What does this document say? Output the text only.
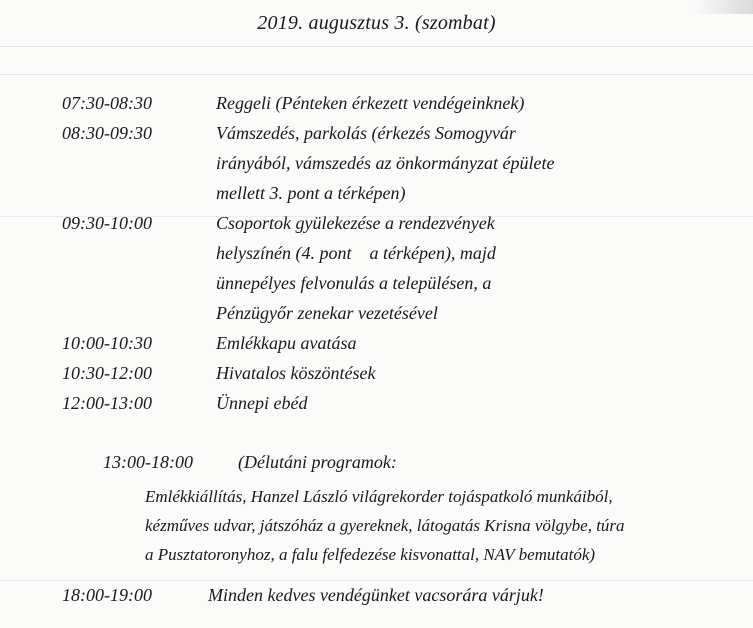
2019. augusztus 3. (szombat)
07:30-08:30	Reggeli (Pénteken érkezett vendégeinknek)
08:30-09:30	Vámszedés, parkolás (érkezés Somogyvár
irányából, vámszedés az önkormányzat épülete
mellett 3. pont a térképen)
09:30-10:00	Csoportok gyülekezése a rendezvények
helyszínén (4. pont    a térképen), majd
ünnepélyes felvonulás a településen, a
Pénzügyőr zenekar vezetésével
10:00-10:30	Emlékkapu avatása
10:30-12:00	Hivatalos köszöntések
12:00-13:00	Ünnepi ebéd
13:00-18:00	(Délutáni programok:
Emlékkiállítás, Hanzel László világrekorder tojáspatkoló munkáiból,
kézműves udvar, játszóház a gyereknek, látogatás Krisna völgybe, túra
a Pusztatoronyhoz, a falu felfedezése kisvonattal, NAV bemutatók)
18:00-19:00	Minden kedves vendégünket vacsorára várjuk!
